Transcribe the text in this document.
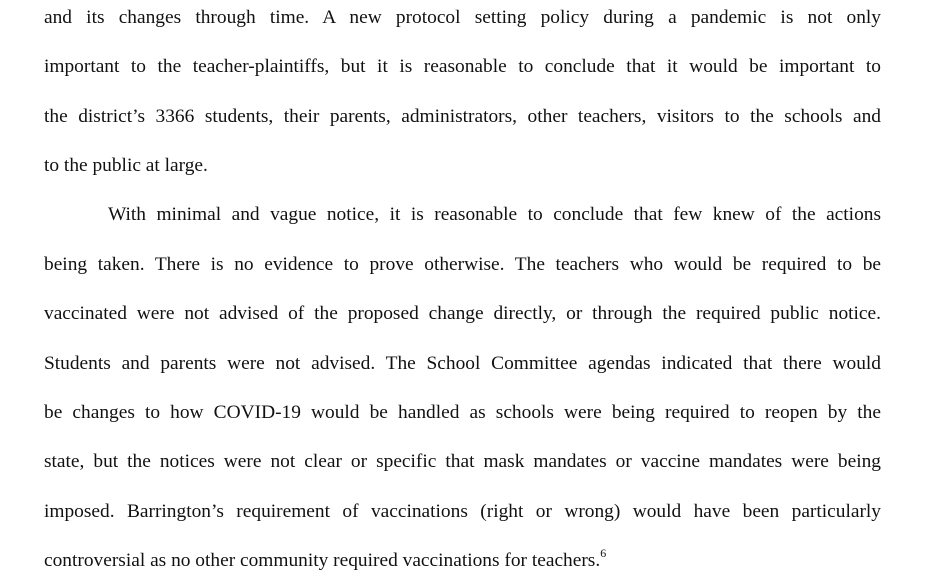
and its changes through time. A new protocol setting policy during a pandemic is not only
important to the teacher-plaintiffs, but it is reasonable to conclude that it would be important to
the district’s 3366 students, their parents, administrators, other teachers, visitors to the schools and
to the public at large.
With minimal and vague notice, it is reasonable to conclude that few knew of the actions
being taken. There is no evidence to prove otherwise. The teachers who would be required to be
vaccinated were not advised of the proposed change directly, or through the required public notice.
Students and parents were not advised. The School Committee agendas indicated that there would
be changes to how COVID-19 would be handled as schools were being required to reopen by the
state, but the notices were not clear or specific that mask mandates or vaccine mandates were being
imposed. Barrington’s requirement of vaccinations (right or wrong) would have been particularly
controversial as no other community required vaccinations for teachers.$^6$
